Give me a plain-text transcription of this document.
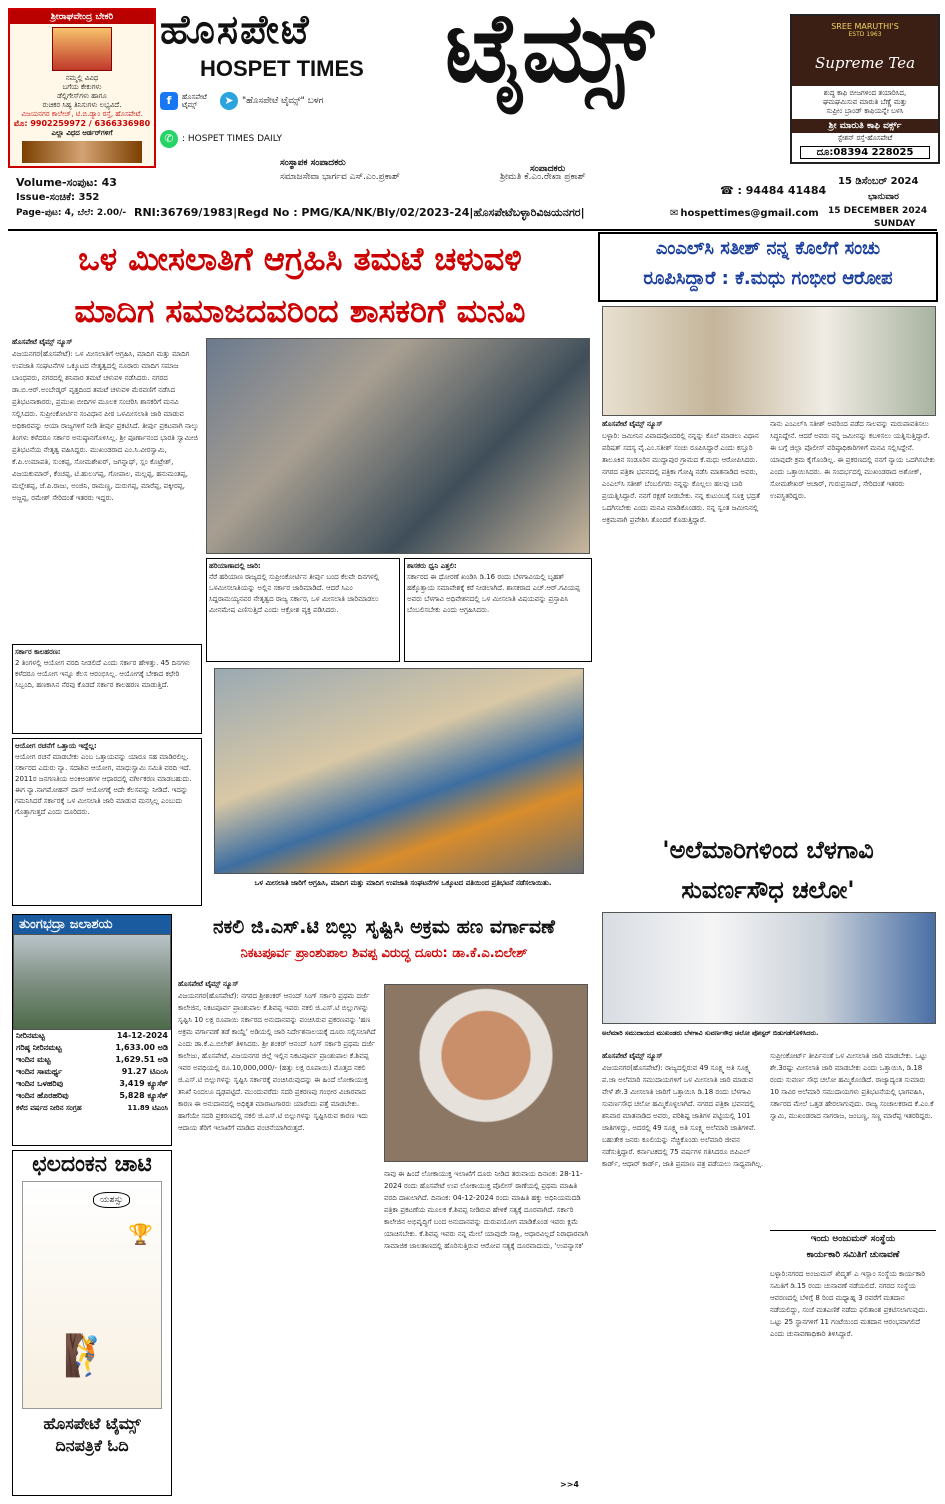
ಶ್ರೀರಾಘವೇಂದ್ರ ಬೇಕರಿ
ನಮ್ಮಲ್ಲಿ ವಿವಿಧ
ಬಗೆಯ ಕೇಕುಗಳು
ಡೆಲ್ಲಿಗೇಸ್‌ಗಳು ಹಾಗೂ
ರುಚಿಕರ ಸಿಹ್ಯ ತಿನಿಸುಗಳು ಲಭ್ಯವಿದೆ.
ವಿಜಯನಗರ ಕಾಲೇಜ್, ಟಿ.ಬಿ.ಡ್ಯಾಂ ರಸ್ತೆ, ಹೊಸಪೇಟೆ.
ಮೊ: 9902259972 / 6366336980
ಎಲ್ಲಾ ವಿಧದ ಆರ್ಡರ್‌ಗಳಿಗೆ
ಹೊಸಪೇಟೆ
HOSPET TIMES ಟೈಮ್ಸ್
f	ಹೊಸಪೇಟೆ ಟೈಮ್ಸ್	➤ "ಹೊಸಪೇಟೆ ಟೈಮ್ಸ್" ಬಳಗ
✆ : HOSPET TIMES DAILY
SREE MARUTHI'S
ESTD 1963
Supreme Tea
ಶುದ್ಧ ಕಾಫಿ ಬೀಜಗಳಿಂದ ತಯಾರಿಸಿದ,
ಘಮಘಮಿಸುವ ಮಾರುತಿ ಬೆಣ್ಣೆ ಮತ್ತು
ಸುಪ್ರೀಂ ಬ್ರಾಂಡ್ ಕಾಫಿಯನ್ನೇ ಬಳಸಿ
ಶ್ರೀ ಮಾರುತಿ ಕಾಫಿ ವರ್ಕ್ಸ್
ಸ್ಟೇಶನ್ ರಸ್ತೆ-ಹೊಸಪೇಟೆ
ದೂ:08394 228025
ಸಂಸ್ಥಾಪಕ ಸಂಪಾದಕರು
ಸಂಪಾದಕರು
ಸಮಾಜಸೇವಾ ಭಾರ್ಗವ ಎಸ್.ಎಂ.ಪ್ರಕಾಶ್	ಶ್ರೀಮತಿ ಕೆ.ಎಂ.ರೇಖಾ ಪ್ರಕಾಶ್
☎ : 94484 41484
Volume-ಸಂಪುಟ: 43
Issue-ಸಂಚಿಕೆ: 352
Page-ಪುಟ: 4, ಬೆಲೆ: 2.00/- RNI:36769/1983|Regd No : PMG/KA/NK/Bly/02/2023-24|ಹೊಸಪೇಟೆಬಳ್ಳಾರಿವಿಜಯನಗರ|	✉ hospettimes@gmail.com
15 ಡಿಸೆಂಬರ್ 2024
ಭಾನುವಾರ
15 DECEMBER 2024
SUNDAY
ಒಳ ಮೀಸಲಾತಿಗೆ ಆಗ್ರಹಿಸಿ ತಮಟೆ ಚಳುವಳಿ
ಮಾದಿಗ ಸಮಾಜದವರಿಂದ ಶಾಸಕರಿಗೆ ಮನವಿ
ಹೊಸಪೇಟೆ ಟೈಮ್ಸ್ ನ್ಯೂಸ್
ವಿಜಯನಗರ(ಹೊಸಪೇಟೆ): ಒಳ ಮೀಸಲಾತಿಗೆ ಆಗ್ರಹಿಸಿ, ಮಾದಿಗ ಮತ್ತು ಮಾದಿಗ ಉಪಜಾತಿ ಸಂಘಟನೆಗಳ ಒಕ್ಕೂಟದ ನೇತೃತ್ವದಲ್ಲಿ ನೂರಾರು ಮಾದಿಗ ಸಮಾಜ ಬಾಂಧವರು, ನಗರದಲ್ಲಿ ಶನಿವಾರ ತಮಟೆ ಚಳುವಳಿ ನಡೆಸಿದರು. ನಗರದ ಡಾ.ಬಿ.ಆರ್.ಅಂಬೇಡ್ಕರ್ ವೃತ್ತದಿಂದ ತಮಟೆ ಚಳುವಳಿ ಮೆರವಣಿಗೆ ನಡೆಸಿದ ಪ್ರತಿಭಟನಾಕಾರರು, ಪ್ರಮುಖ ಬೀದಿಗಳ ಮೂಲಕ ಸಂಚರಿಸಿ ಶಾಸಕರಿಗೆ ಮನವಿ ಸಲ್ಲಿಸಿದರು. ಸುಪ್ರೀಂಕೋರ್ಟಿನ ಸಂವಿಧಾನ ಪೀಠ ಒಳಮೀಸಲಾತಿ ಜಾರಿ ಮಾಡುವ ಅಧಿಕಾರವನ್ನು ಆಯಾ ರಾಜ್ಯಗಳಿಗೆ ನೀಡಿ ತೀರ್ಪು ಪ್ರಕಟಿಸಿದೆ. ತೀರ್ಪು ಪ್ರಕಟವಾಗಿ ನಾಲ್ಕು ತಿಂಗಳು ಕಳೆದರೂ ಸರ್ಕಾರ ಅನುಷ್ಠಾನಗೊಳಿಸಿಲ್ಲ. ಶ್ರೀ ಪೂರ್ಣಾನಂದ ಭಾರತಿ ಸ್ವಾಮೀಜಿ ಪ್ರತಿಭಟನೆಯ ನೇತೃತ್ವ ವಹಿಸಿದ್ದರು. ಮುಖಂಡರಾದ ಎಂ.ಸಿ.ವೀರಸ್ವಾಮಿ, ಕೆ.ಪಿ.ಉಮಾಪತಿ, ಸುಂಕಪ್ಪ, ಸೋಮಶೇಖರ್, ಜಗನ್ನಾಥ್, ಸ್ಲಂ ಕೊಟ್ರೇಶ್, ವಿಜಯಕುಮಾರ್, ಕೆಂಚಪ್ಪ, ಟಿ.ಹುಲುಗಪ್ಪ, ಗೋಪಾಲ, ಮಲ್ಲಪ್ಪ, ಹನುಮಂತಪ್ಪ, ಮಲ್ಲೇಶಪ್ಪ, ಜೆ.ಪಿ.ರಾಜು, ಅಂಜಿನಿ, ರಾಮಣ್ಣ, ದುರುಗಪ್ಪ, ಮಾರೆಪ್ಪ, ಪಕ್ಕೀರಪ್ಪ, ಅಜ್ಜಪ್ಪ, ರಮೇಶ್ ಸೇರಿದಂತೆ ಇತರರು ಇದ್ದರು.
ಸರ್ಕಾರ ಕಾಲಹರಣ:
2 ತಿಂಗಳಲ್ಲಿ ಆಯೋಗ ವರದಿ ನೀಡಲಿದೆ ಎಂದು ಸರ್ಕಾರ ಹೇಳಿತ್ತು. 45 ದಿನಗಳು ಕಳೆದರೂ ಆಯೋಗ ಇನ್ನೂ ಕೆಲಸ ಆರಂಭಿಸಿಲ್ಲ. ಆಯೋಗಕ್ಕೆ ಬೇಕಾದ ಕಛೇರಿ ಸಿಬ್ಬಂದಿ, ಹಣಕಾಸಿನ ನೆರವು ಕೊಡದೆ ಸರ್ಕಾರ ಕಾಲಹರಣ ಮಾಡುತ್ತಿದೆ.
ಆಯೋಗ ರಚನೆಗೆ ಒತ್ತಾಯ ಇದ್ದೆಲ್ಲ:
ಆಯೋಗ ರಚನೆ ಮಾಡಬೇಕು ಎಂಬ ಒತ್ತಾಯವನ್ನು ಯಾರೂ ಸಹ ಮಾಡಿರಲಿಲ್ಲ. ಸರ್ಕಾರದ ಎದುರು ನ್ಯಾ. ಸದಾಶಿವ ಆಯೋಗ, ಮಾಧುಸ್ವಾಮಿ ಸಮಿತಿ ವರದಿ ಇದೆ. 2011ರ ಜನಗಣತಿಯ ಅಂಕಿಅಂಶಗಳ ಆಧಾರದಲ್ಲಿ ವರ್ಗೀಕರಣ ಮಾಡಬಹುದು. ಈಗ ನ್ಯಾ.ನಾಗಮೋಹನ್ ದಾಸ್ ಆಯೋಗಕ್ಕೆ ಅದೇ ಕೆಲಸವನ್ನು ನೀಡಿದೆ. ಇದನ್ನು ಗಮನಿಸಿದರೆ ಸರ್ಕಾರಕ್ಕೆ ಒಳ ಮೀಸಲಾತಿ ಜಾರಿ ಮಾಡುವ ಮನಸ್ಸಿಲ್ಲ ಎಂಬುದು ಗೊತ್ತಾಗುತ್ತದೆ ಎಂದು ದೂರಿದರು.
ಹರಿಯಾಣಾದಲ್ಲಿ ಜಾರಿ:
ನೆರೆ ಹರಿಯಾಣ ರಾಜ್ಯದಲ್ಲಿ ಸುಪ್ರೀಂಕೋರ್ಟಿನ ತೀರ್ಪು ಬಂದ ಕೆಲವೇ ದಿನಗಳಲ್ಲಿ ಒಳಮೀಸಲಾತಿಯನ್ನು ಅಲ್ಲಿನ ಸರ್ಕಾರ ಜಾರಿಮಾಡಿದೆ. ಆದರೆ ಸಿಎಂ ಸಿದ್ದರಾಮಯ್ಯನವರ ನೇತೃತ್ವದ ರಾಜ್ಯ ಸರ್ಕಾರ, ಒಳ ಮೀಸಲಾತಿ ಜಾರಿಮಾಡಲು ಮೀನಮೇಷ ಎಣಿಸುತ್ತಿದೆ ಎಂದು ಆಕ್ರೋಶ ವ್ಯಕ್ತ ಪಡಿಸಿದರು.
ಶಾಸಕರು ಧ್ವನಿ ಎತ್ತಲಿ:
ಸರ್ಕಾರದ ಈ ಧೋರಣೆ ಖಂಡಿಸಿ ಡಿ.16 ರಂದು ಬೆಳಗಾವಿಯಲ್ಲಿ ಬೃಹತ್ ಹಕ್ಕೊತ್ತಾಯ ಸಮಾವೇಶಕ್ಕೆ ಕರೆ ನೀಡಲಾಗಿದೆ. ಶಾಸಕರಾದ ಎಚ್.ಆರ್.ಗವಿಯಪ್ಪ ಅವರು ಬೆಳಗಾವಿ ಅಧಿವೇಶನದಲ್ಲಿ ಒಳ ಮೀಸಲಾತಿ ವಿಷಯವನ್ನು ಪ್ರಸ್ತಾಪಿಸಿ ಬೆಂಬಲಿಸಬೇಕು ಎಂದು ಆಗ್ರಹಿಸಿದರು.
ಒಳ ಮೀಸಲಾತಿ ಜಾರಿಗೆ ಆಗ್ರಹಿಸಿ, ಮಾದಿಗ ಮತ್ತು ಮಾದಿಗ ಉಪಜಾತಿ ಸಂಘಟನೆಗಳ ಒಕ್ಕೂಟದ ವತಿಯಿಂದ ಪ್ರತಿಭಟನೆ ನಡೆಸಲಾಯಿತು.
ಎಂಎಲ್‌ಸಿ ಸತೀಶ್ ನನ್ನ ಕೊಲೆಗೆ ಸಂಚು
ರೂಪಿಸಿದ್ದಾರೆ : ಕೆ.ಮಧು ಗಂಭೀರ ಆರೋಪ
ಹೊಸಪೇಟೆ ಟೈಮ್ಸ್ ನ್ಯೂಸ್
ಬಳ್ಳಾರಿ: ಜಮೀನಿನ ವಿವಾದವೊಂದರಲ್ಲಿ ನನ್ನನ್ನು ಕೊಲೆ ಮಾಡಲು ವಿಧಾನ ಪರಿಷತ್ ಸದಸ್ಯ ವೈ.ಎಂ.ಸತೀಶ್ ಸಂಚು ರೂಪಿಸಿದ್ದಾರೆ ಎಂದು ಕಸ್ತೂರಿ ತಾಲೂಕಿನ ಸಂಡೂರಿನ ಮುದ್ದಾಪುರ ಗ್ರಾಮದ ಕೆ.ಮಧು ಆರೋಪಿಸಿದರು. ನಗರದ ಪತ್ರಿಕಾ ಭವನದಲ್ಲಿ ಪತ್ರಿಕಾ ಗೋಷ್ಠಿ ನಡೆಸಿ ಮಾತನಾಡಿದ ಅವರು, ಎಂಎಲ್‌ಸಿ ಸತೀಶ್ ಬೆಂಬಲಿಗರು ನನ್ನನ್ನು ಕೊಲ್ಲಲು ಹಲವು ಬಾರಿ ಪ್ರಯತ್ನಿಸಿದ್ದಾರೆ. ನನಗೆ ರಕ್ಷಣೆ ನೀಡಬೇಕು. ನನ್ನ ಕುಟುಂಬಕ್ಕೆ ಸೂಕ್ತ ಭದ್ರತೆ ಒದಗಿಸಬೇಕು ಎಂದು ಮನವಿ ಮಾಡಿಕೊಂಡರು. ನನ್ನ ಸ್ವಂತ ಜಮೀನಿನಲ್ಲಿ ಅಕ್ರಮವಾಗಿ ಪ್ರವೇಶಿಸಿ ತೊಂದರೆ ಕೊಡುತ್ತಿದ್ದಾರೆ.
ನಾನು ಎಂಎಲ್‌ಸಿ ಸತೀಶ್ ಅವರಿಂದ ಪಡೆದ ಸಾಲವನ್ನು ಮರುಪಾವತಿಸಲು ಸಿದ್ಧನಿದ್ದೇನೆ. ಆದರೆ ಅವರು ನನ್ನ ಜಮೀನನ್ನು ಕಬಳಿಸಲು ಯತ್ನಿಸುತ್ತಿದ್ದಾರೆ. ಈ ಬಗ್ಗೆ ಜಿಲ್ಲಾ ಪೊಲೀಸ್ ವರಿಷ್ಠಾಧಿಕಾರಿಗಳಿಗೆ ಮನವಿ ಸಲ್ಲಿಸಿದ್ದೇನೆ. ಯಾವುದೇ ಕ್ರಮ ಕೈಗೊಂಡಿಲ್ಲ. ಈ ಪ್ರಕರಣದಲ್ಲಿ ನನಗೆ ನ್ಯಾಯ ಒದಗಿಸಬೇಕು ಎಂದು ಒತ್ತಾಯಿಸಿದರು. ಈ ಸಂದರ್ಭದಲ್ಲಿ ಮುಖಂಡರಾದ ಅಶೋಕ್, ಸೋಮಶೇಖರ್ ಆಚಾರ್, ಗುರುಪ್ರಸಾದ್, ಸೇರಿದಂತೆ ಇತರರು ಉಪಸ್ಥಿತರಿದ್ದರು.
'ಅಲೆಮಾರಿಗಳಿಂದ ಬೆಳಗಾವಿ
ಸುವರ್ಣಸೌಧ ಚಲೋ'
ಅಲೆಮಾರಿ ಸಮುದಾಯದ ಮುಖಂಡರು ಬೆಳಗಾವಿ ಸುವರ್ಣಸೌಧ ಚಲೋ ಪೋಸ್ಟರ್ ಬಿಡುಗಡೆಗೊಳಿಸಿದರು.
ಹೊಸಪೇಟೆ ಟೈಮ್ಸ್ ನ್ಯೂಸ್
ವಿಜಯನಗರ(ಹೊಸಪೇಟೆ): ರಾಜ್ಯದಲ್ಲಿರುವ 49 ಸೂಕ್ಷ್ಮ ಅತಿ ಸೂಕ್ಷ್ಮ ಪ.ಜಾ ಅಲೆಮಾರಿ ಸಮುದಾಯಗಳಿಗೆ ಒಳ ಮೀಸಲಾತಿ ಜಾರಿ ಮಾಡುವ ವೇಳೆ ಶೇ.3 ಮೀಸಲಾತಿ ಜಾರಿಗೆ ಒತ್ತಾಯಿಸಿ ಡಿ.18 ರಂದು ಬೆಳಗಾವಿ ಸುವರ್ಣಸೌಧ ಚಲೋ ಹಮ್ಮಿಕೊಳ್ಳಲಾಗಿದೆ. ನಗರದ ಪತ್ರಿಕಾ ಭವನದಲ್ಲಿ ಶನಿವಾರ ಮಾತನಾಡಿದ ಅವರು, ಪರಿಶಿಷ್ಟ ಜಾತಿಗಳ ಪಟ್ಟಿಯಲ್ಲಿ 101 ಜಾತಿಗಳಿದ್ದು, ಅದರಲ್ಲಿ 49 ಸೂಕ್ಷ್ಮ ಅತಿ ಸೂಕ್ಷ್ಮ ಅಲೆಮಾರಿ ಜಾತಿಗಳಿವೆ. ಬಹುತೇಕ ಜನರು ಕೂಲಿಯನ್ನು ನೆಚ್ಚಿಕೊಂಡು ಅಲೆಮಾರಿ ಜೀವನ ನಡೆಸುತ್ತಿದ್ದಾರೆ. ಕರ್ನಾಟಕದಲ್ಲಿ 75 ವರ್ಷಗಳ ಗತಿಸಿದರೂ ಬಿಪಿಎಲ್ ಕಾರ್ಡ್, ಆಧಾರ್ ಕಾರ್ಡ್, ಜಾತಿ ಪ್ರಮಾಣ ಪತ್ರ ಪಡೆಯಲು ಸಾಧ್ಯವಾಗಿಲ್ಲ.
ಸುಪ್ರೀಂಕೋರ್ಟ್ ತೀರ್ಪಿನಂತೆ ಒಳ ಮೀಸಲಾತಿ ಜಾರಿ ಮಾಡಬೇಕು. ಒಟ್ಟು ಶೇ.3ರಷ್ಟು ಮೀಸಲಾತಿ ಜಾರಿ ಮಾಡಬೇಕು ಎಂದು ಒತ್ತಾಯಿಸಿ, ಡಿ.18 ರಂದು ಸುವರ್ಣ ಸೌಧ ಚಲೋ ಹಮ್ಮಿಕೊಂಡಿದೆ. ರಾಜ್ಯಾದ್ಯಂತ ಸುಮಾರು 10 ಸಾವಿರ ಅಲೆಮಾರಿ ಸಮುದಾಯಗಳು ಪ್ರತಿಭಟನೆಯಲ್ಲಿ ಭಾಗವಹಿಸಿ, ಸರ್ಕಾರದ ಮೇಲೆ ಒತ್ತಡ ಹೇರಲಾಗುವುದು. ರಾಜ್ಯ ಸಂಚಾಲಕರಾದ ಕೆ.ಎಂ.ಕೆ ಸ್ವಾಮಿ, ಮುಖಂಡರಾದ ನಾಗರಾಜ, ಜಂಬಣ್ಣ, ಸಣ್ಣ ಮಾರೆಪ್ಪ ಇತರರಿದ್ದರು.
ಇಂದು ಅಂಜುಮನ್ ಸಂಸ್ಥೆಯ
ಕಾರ್ಯಕಾರಿ ಸಮಿತಿಗೆ ಚುನಾವಣೆ
ಬಳ್ಳಾರಿ:ನಗರದ ಅಂಜುಮನ್ ಖಿದ್ಮತ್ ಎ ಇಸ್ಲಾಂ ಸಂಸ್ಥೆಯ ಕಾರ್ಯಕಾರಿ ಸಮಿತಿಗೆ ಡಿ.15 ರಂದು ಚುನಾವಣೆ ನಡೆಯಲಿದೆ. ನಗರದ ಸಂಸ್ಥೆಯ ಆವರಣದಲ್ಲಿ ಬೆಳಿಗ್ಗೆ 8 ರಿಂದ ಮಧ್ಯಾಹ್ನ 3 ರವರೆಗೆ ಮತದಾನ ನಡೆಯಲಿದ್ದು, ಸಂಜೆ ಮತಎಣಿಕೆ ನಡೆದು ಫಲಿತಾಂಶ ಪ್ರಕಟಿಸಲಾಗುವುದು. ಒಟ್ಟು 25 ಸ್ಥಾನಗಳಿಗೆ 11 ಗಂಟೆಯಿಂದ ಮತದಾನ ಆರಂಭವಾಗಲಿದೆ ಎಂದು ಚುನಾವಣಾಧಿಕಾರಿ ತಿಳಿಸಿದ್ದಾರೆ.
ತುಂಗಭದ್ರಾ ಜಲಾಶಯ
ನೀರಿನಮಟ್ಟ	14-12-2024
ಗರಿಷ್ಠ ನೀರಿನಮಟ್ಟ	1,633.00 ಅಡಿ
ಇಂದಿನ ಮಟ್ಟ	1,629.51 ಅಡಿ
ಇಂದಿನ ಸಾಮರ್ಥ್ಯ	91.27 ಟಿಎಂಸಿ
ಇಂದಿನ ಒಳಹರಿವು	3,419 ಕ್ಯೂಸೆಕ್
ಇಂದಿನ ಹೊರಹರಿವು	5,828 ಕ್ಯೂಸೆಕ್
ಕಳೆದ ವರ್ಷದ ನೀರಿನ ಸಂಗ್ರಹ	11.89 ಟಿಎಂಸಿ
ಛಲದಂಕನ ಚಾಟಿ
ಯಶಸ್ಸು
🏆
🧗
ಹೊಸಪೇಟೆ ಟೈಮ್ಸ್
ದಿನಪತ್ರಿಕೆ ಓದಿ
ನಕಲಿ ಜಿ.ಎಸ್.ಟಿ ಬಿಲ್ಲು ಸೃಷ್ಟಿಸಿ ಅಕ್ರಮ ಹಣ ವರ್ಗಾವಣೆ
ನಿಕಟಪೂರ್ವ ಪ್ರಾಂಶುಪಾಲ ಶಿವಪ್ಪ ವಿರುದ್ಧ ದೂರು: ಡಾ.ಕೆ.ಎ.ಬಿಲೇಶ್
ಹೊಸಪೇಟೆ ಟೈಮ್ಸ್ ನ್ಯೂಸ್
ವಿಜಯನಗರ(ಹೊಸಪೇಟೆ): ನಗರದ ಶ್ರೀಶಂಕರ್ ಆನಂದ್ ಸಿಂಗ್ ಸರ್ಕಾರಿ ಪ್ರಥಮ ದರ್ಜೆ ಕಾಲೇಜಿನ, ನಿಕಟಪೂರ್ವ ಪ್ರಾಂಶುಪಾಲ ಕೆ.ಶಿವಪ್ಪ ಇವರು ನಕಲಿ ಜಿ.ಎಸ್.ಟಿ ಬಿಲ್ಲುಗಳನ್ನು ಸೃಷ್ಟಿಸಿ 10 ಲಕ್ಷ ರೂಪಾಯಿ ಸರ್ಕಾರದ ಅನುದಾನವನ್ನು ವಂಚಿಸಿರುವ ಪ್ರಕರಣವನ್ನು 'ಹಣ ಅಕ್ರಮ ವರ್ಗಾವಣೆ ತಡೆ ಕಾಯ್ದೆ' ಅಡಿಯಲ್ಲಿ ಜಾರಿ ನಿರ್ದೇಶನಾಲಯಕ್ಕೆ ದೂರು ಸಲ್ಲಿಸಲಾಗಿದೆ ಎಂದು ಡಾ.ಕೆ.ಎ.ಬಿಲೇಶ್ ತಿಳಿಸಿದರು. ಶ್ರೀ ಶಂಕರ್ ಆನಂದ್ ಸಿಂಗ್ ಸರ್ಕಾರಿ ಪ್ರಥಮ ದರ್ಜೆ ಕಾಲೇಜು, ಹೊಸಪೇಟೆ, ವಿಜಯನಗರ ಜಿಲ್ಲೆ ಇಲ್ಲಿನ ನಿಕಟಪೂರ್ವ ಪ್ರಾಂಶುಪಾಲ ಕೆ.ಶಿವಪ್ಪ ಇವರ ಅವಧಿಯಲ್ಲಿ ರೂ.10,000,000/- (ಹತ್ತು ಲಕ್ಷ ರೂಪಾಯಿ) ಮೊತ್ತದ ನಕಲಿ ಜಿ.ಎಸ್.ಟಿ ಬಿಲ್ಲುಗಳನ್ನು ಸೃಷ್ಟಿಸಿ ಸರ್ಕಾರಕ್ಕೆ ವಂಚಿಸಿರುವುದನ್ನು ಈ ಹಿಂದೆ ಲೋಕಾಯುಕ್ತ ತನಿಖೆ ನಿಂದಲೂ ದೃಢಪಟ್ಟಿದೆ. ಮುಂದುವರೆದು ಸದರಿ ಪ್ರಕರಣವು ಗಂಭೀರ ವಿಚಾರವಾದ ಕಾರಣ ಈ ಅನುದಾನದಲ್ಲಿ ಅಧಿಕೃತ ಮಾರಾಟಗಾರರು ಯಾರೆಂದು ಪತ್ತೆ ಮಾಡಬೇಕು. ಹಾಗೆಯೇ ಸದರಿ ಪ್ರಕರಣದಲ್ಲಿ ನಕಲಿ ಜಿ.ಎಸ್.ಟಿ ಬಿಲ್ಲುಗಳನ್ನು ಸೃಷ್ಟಿಸಿರುವ ಕಾರಣ ಇದು ಆದಾಯ ತೆರಿಗೆ ಇಲಾಖೆಗೆ ಮಾಡಿದ ವಂಚನೆಯಾಗಿರುತ್ತದೆ.
ನಾವು ಈ ಹಿಂದೆ ಲೋಕಾಯುಕ್ತ ಇಲಾಖೆಗೆ ದೂರು ನೀಡಿದ ತರುವಾಯ ದಿನಾಂಕ: 28-11-2024 ರಂದು ಹೊಸಪೇಟೆ ಉಪ ಲೋಕಾಯುಕ್ತ ಪೊಲೀಸ್ ಠಾಣೆಯಲ್ಲಿ ಪ್ರಥಮ ಮಾಹಿತಿ ವರದಿ ದಾಖಲಾಗಿದೆ. ದಿನಾಂಕ: 04-12-2024 ರಂದು ಮಾಹಿತಿ ಹಕ್ಕು ಅಧಿನಿಯಮದಡಿ ಪತ್ರಿಕಾ ಪ್ರಕಟಣೆಯ ಮೂಲಕ ಕೆ.ಶಿವಪ್ಪ ನೀಡಿರುವ ಹೇಳಿಕೆ ಸತ್ಯಕ್ಕೆ ದೂರವಾಗಿದೆ. ಸರ್ಕಾರಿ ಕಾಲೇಜಿನ ಅಭಿವೃದ್ಧಿಗೆ ಬಂದ ಅನುದಾನವನ್ನು ದುರುಪಯೋಗ ಮಾಡಿಕೊಂಡ ಇವರು ಕ್ಷಮೆ ಯಾಚಿಸಬೇಕು. ಕೆ.ಶಿವಪ್ಪ ಇವರು ನನ್ನ ಮೇಲೆ ಯಾವುದೇ ಸಾಕ್ಷಿ, ಆಧಾರವಿಲ್ಲದೆ ನಿರಾಧಾರವಾಗಿ ಸಾಮಾಜಿಕ ಜಾಲತಾಣದಲ್ಲಿ ಹೊರಿಸುತ್ತಿರುವ ಆರೋಪ ಸತ್ಯಕ್ಕೆ ದೂರವಾದುದು, 'ಉಪನ್ಯಾಸಕ'
>>4
